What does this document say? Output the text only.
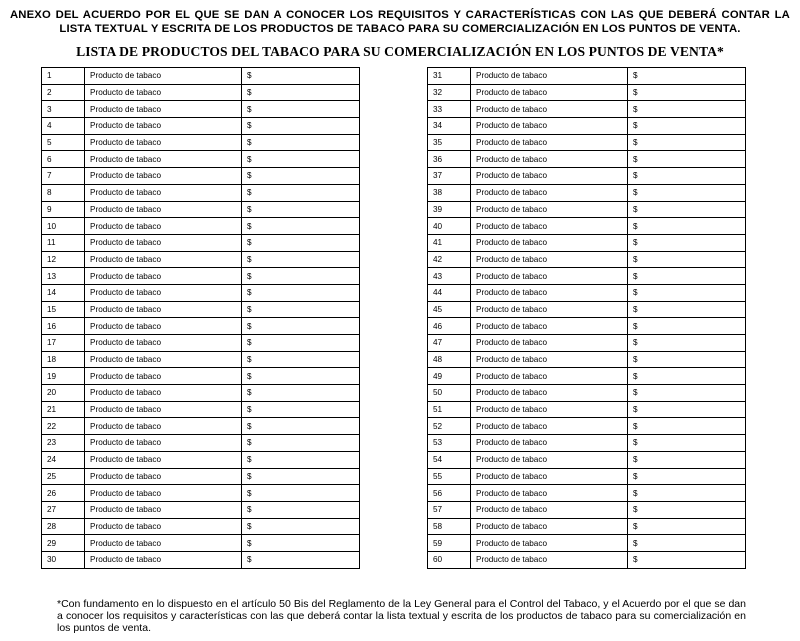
ANEXO DEL ACUERDO POR EL QUE SE DAN A CONOCER LOS REQUISITOS Y CARACTERÍSTICAS CON LAS QUE DEBERÁ CONTAR LA LISTA TEXTUAL Y ESCRITA DE LOS PRODUCTOS DE TABACO PARA SU COMERCIALIZACIÓN EN LOS PUNTOS DE VENTA.
LISTA DE PRODUCTOS DEL TABACO PARA SU COMERCIALIZACIÓN EN LOS PUNTOS DE VENTA*
1	Producto de tabaco	$
2	Producto de tabaco	$
3	Producto de tabaco	$
4	Producto de tabaco	$
5	Producto de tabaco	$
6	Producto de tabaco	$
7	Producto de tabaco	$
8	Producto de tabaco	$
9	Producto de tabaco	$
10	Producto de tabaco	$
11	Producto de tabaco	$
12	Producto de tabaco	$
13	Producto de tabaco	$
14	Producto de tabaco	$
15	Producto de tabaco	$
16	Producto de tabaco	$
17	Producto de tabaco	$
18	Producto de tabaco	$
19	Producto de tabaco	$
20	Producto de tabaco	$
21	Producto de tabaco	$
22	Producto de tabaco	$
23	Producto de tabaco	$
24	Producto de tabaco	$
25	Producto de tabaco	$
26	Producto de tabaco	$
27	Producto de tabaco	$
28	Producto de tabaco	$
29	Producto de tabaco	$
30	Producto de tabaco	$
31	Producto de tabaco	$
32	Producto de tabaco	$
33	Producto de tabaco	$
34	Producto de tabaco	$
35	Producto de tabaco	$
36	Producto de tabaco	$
37	Producto de tabaco	$
38	Producto de tabaco	$
39	Producto de tabaco	$
40	Producto de tabaco	$
41	Producto de tabaco	$
42	Producto de tabaco	$
43	Producto de tabaco	$
44	Producto de tabaco	$
45	Producto de tabaco	$
46	Producto de tabaco	$
47	Producto de tabaco	$
48	Producto de tabaco	$
49	Producto de tabaco	$
50	Producto de tabaco	$
51	Producto de tabaco	$
52	Producto de tabaco	$
53	Producto de tabaco	$
54	Producto de tabaco	$
55	Producto de tabaco	$
56	Producto de tabaco	$
57	Producto de tabaco	$
58	Producto de tabaco	$
59	Producto de tabaco	$
60	Producto de tabaco	$
*Con fundamento en lo dispuesto en el artículo 50 Bis del Reglamento de la Ley General para el Control del Tabaco, y el Acuerdo por el que se dan a conocer los requisitos y características con las que deberá contar la lista textual y escrita de los productos de tabaco para su comercialización en los puntos de venta.
